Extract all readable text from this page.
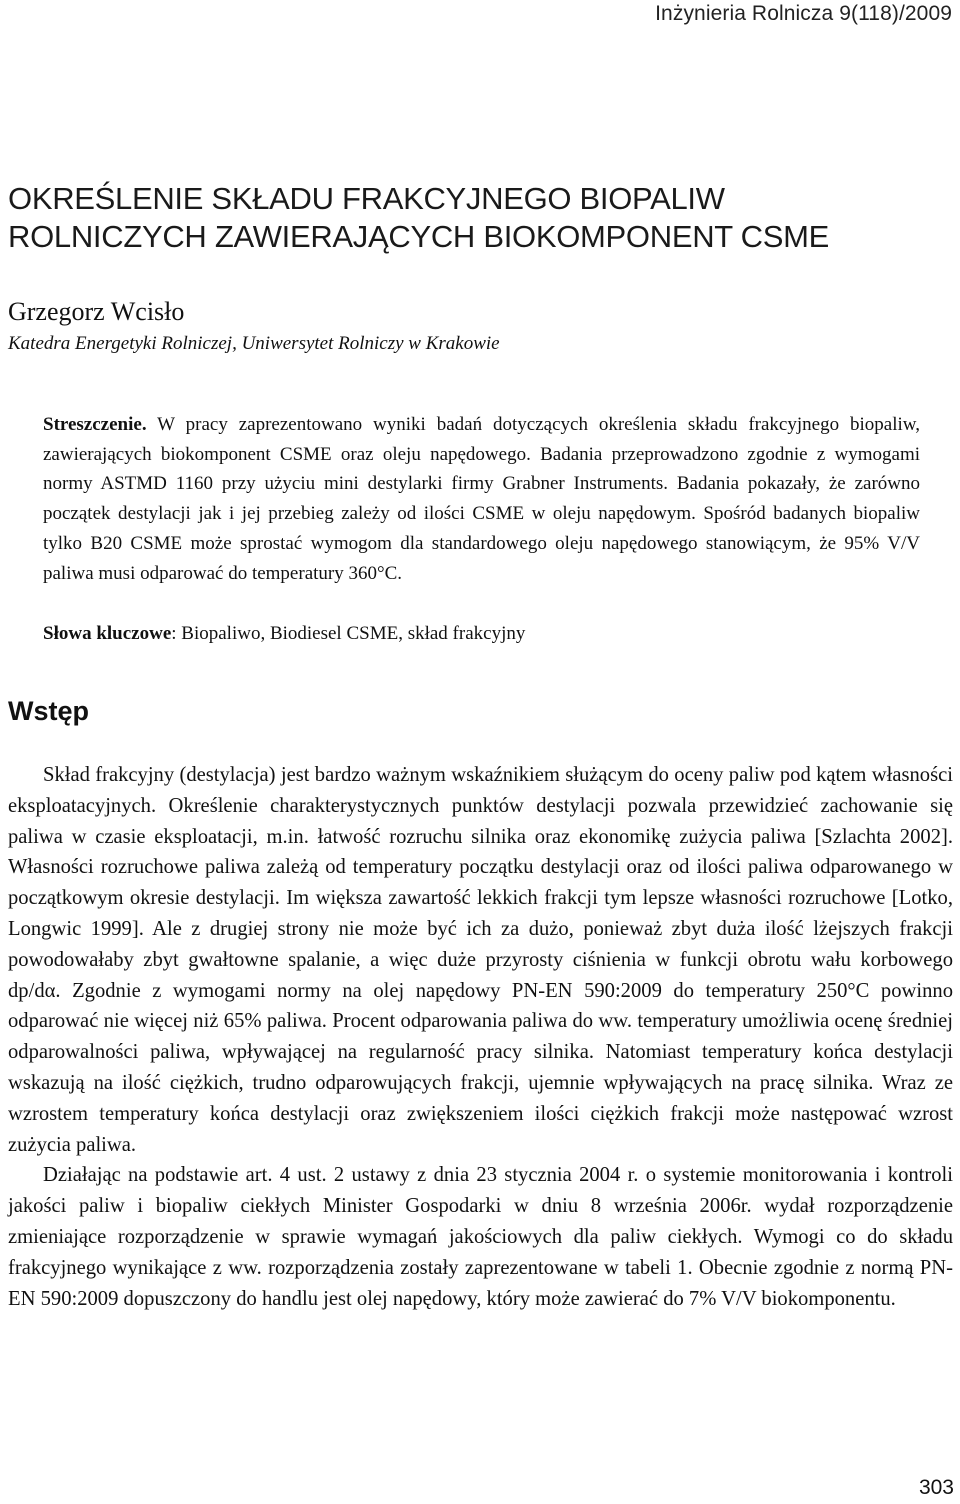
Inżynieria Rolnicza 9(118)/2009
OKREŚLENIE SKŁADU FRAKCYJNEGO BIOPALIW
ROLNICZYCH ZAWIERAJĄCYCH BIOKOMPONENT CSME
Grzegorz Wcisło
Katedra Energetyki Rolniczej, Uniwersytet Rolniczy w Krakowie

Streszczenie. W pracy zaprezentowano wyniki badań dotyczących określenia składu frakcyjnego biopaliw, zawierających biokomponent CSME oraz oleju napędowego. Badania przeprowadzono zgodnie z wymogami normy ASTMD 1160 przy użyciu mini destylarki firmy Grabner Instruments. Badania pokazały, że zarówno początek destylacji jak i jej przebieg zależy od ilości CSME w oleju napędowym. Spośród badanych biopaliw tylko B20 CSME może sprostać wymogom dla standardowego oleju napędowego stanowiącym, że 95% V/V paliwa musi odparować do temperatury 360°C.

Słowa kluczowe: Biopaliwo, Biodiesel CSME, skład frakcyjny

Wstęp

Skład frakcyjny (destylacja) jest bardzo ważnym wskaźnikiem służącym do oceny paliw pod kątem własności eksploatacyjnych. Określenie charakterystycznych punktów destylacji pozwala przewidzieć zachowanie się paliwa w czasie eksploatacji, m.in. łatwość rozruchu silnika oraz ekonomikę zużycia paliwa [Szlachta 2002]. Własności rozruchowe paliwa zależą od temperatury początku destylacji oraz od ilości paliwa odparowanego w początkowym okresie destylacji. Im większa zawartość lekkich frakcji tym lepsze własności rozruchowe [Lotko, Longwic 1999]. Ale z drugiej strony nie może być ich za dużo, ponieważ zbyt duża ilość lżejszych frakcji powodowałaby zbyt gwałtowne spalanie, a więc duże przyrosty ciśnienia w funkcji obrotu wału korbowego dp/dα. Zgodnie z wymogami normy na olej napędowy PN-EN 590:2009 do temperatury 250°C powinno odparować nie więcej niż 65% paliwa. Procent odparowania paliwa do ww. temperatury umożliwia ocenę średniej odparowalności paliwa, wpływającej na regularność pracy silnika. Natomiast temperatury końca destylacji wskazują na ilość ciężkich, trudno odparowujących frakcji, ujemnie wpływających na pracę silnika. Wraz ze wzrostem temperatury końca destylacji oraz zwiększeniem ilości ciężkich frakcji może następować wzrost zużycia paliwa.

Działając na podstawie art. 4 ust. 2 ustawy z dnia 23 stycznia 2004 r. o systemie monitorowania i kontroli jakości paliw i biopaliw ciekłych Minister Gospodarki w dniu 8 września 2006r. wydał rozporządzenie zmieniające rozporządzenie w sprawie wymagań jakościowych dla paliw ciekłych. Wymogi co do składu frakcyjnego wynikające z ww. rozporządzenia zostały zaprezentowane w tabeli 1. Obecnie zgodnie z normą PN-EN 590:2009 dopuszczony do handlu jest olej napędowy, który może zawierać do 7% V/V biokomponentu.

303
